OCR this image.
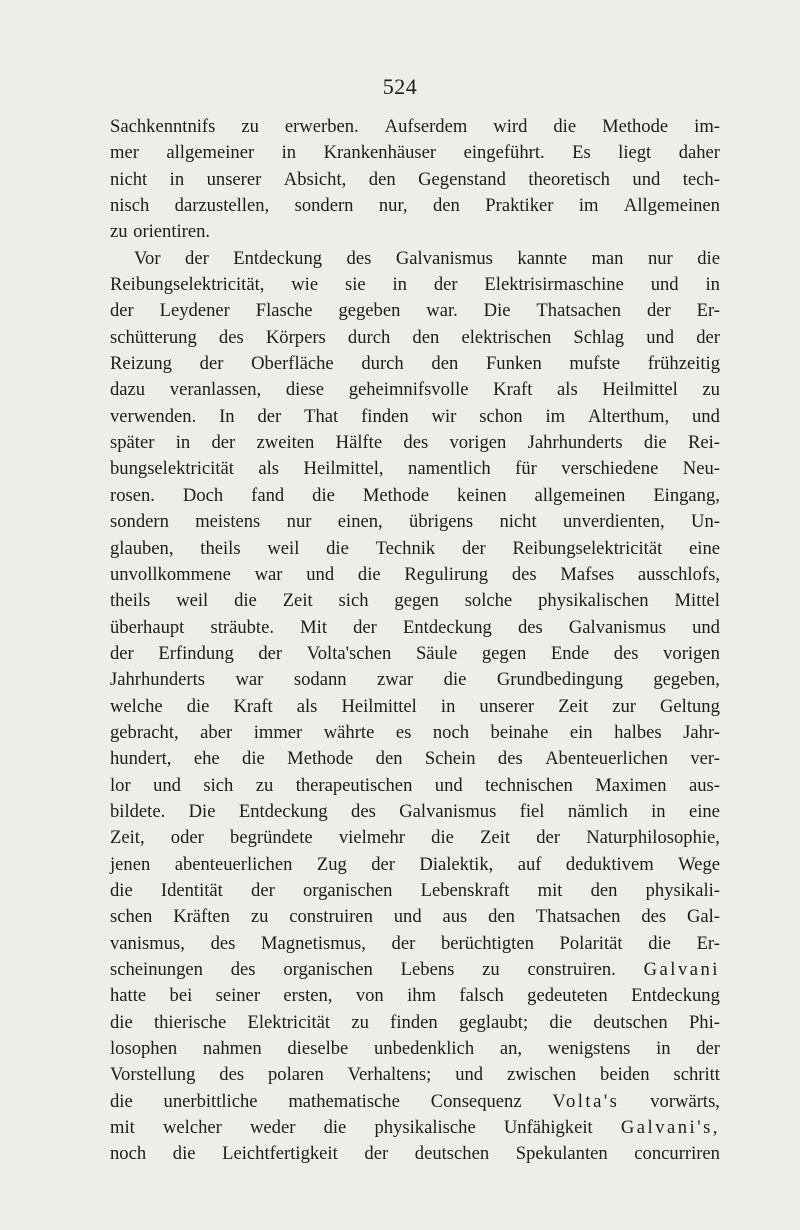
524
Sachkenntnifs zu erwerben. Aufserdem wird die Methode im-
mer allgemeiner in Krankenhäuser eingeführt. Es liegt daher
nicht in unserer Absicht, den Gegenstand theoretisch und tech-
nisch darzustellen, sondern nur, den Praktiker im Allgemeinen
zu orientiren.
Vor der Entdeckung des Galvanismus kannte man nur die
Reibungselektricität, wie sie in der Elektrisirmaschine und in
der Leydener Flasche gegeben war. Die Thatsachen der Er-
schütterung des Körpers durch den elektrischen Schlag und der
Reizung der Oberfläche durch den Funken mufste frühzeitig
dazu veranlassen, diese geheimnifsvolle Kraft als Heilmittel zu
verwenden. In der That finden wir schon im Alterthum, und
später in der zweiten Hälfte des vorigen Jahrhunderts die Rei-
bungselektricität als Heilmittel, namentlich für verschiedene Neu-
rosen. Doch fand die Methode keinen allgemeinen Eingang,
sondern meistens nur einen, übrigens nicht unverdienten, Un-
glauben, theils weil die Technik der Reibungselektricität eine
unvollkommene war und die Regulirung des Mafses ausschlofs,
theils weil die Zeit sich gegen solche physikalischen Mittel
überhaupt sträubte. Mit der Entdeckung des Galvanismus und
der Erfindung der Volta'schen Säule gegen Ende des vorigen
Jahrhunderts war sodann zwar die Grundbedingung gegeben,
welche die Kraft als Heilmittel in unserer Zeit zur Geltung
gebracht, aber immer währte es noch beinahe ein halbes Jahr-
hundert, ehe die Methode den Schein des Abenteuerlichen ver-
lor und sich zu therapeutischen und technischen Maximen aus-
bildete. Die Entdeckung des Galvanismus fiel nämlich in eine
Zeit, oder begründete vielmehr die Zeit der Naturphilosophie,
jenen abenteuerlichen Zug der Dialektik, auf deduktivem Wege
die Identität der organischen Lebenskraft mit den physikali-
schen Kräften zu construiren und aus den Thatsachen des Gal-
vanismus, des Magnetismus, der berüchtigten Polarität die Er-
scheinungen des organischen Lebens zu construiren. Galvani
hatte bei seiner ersten, von ihm falsch gedeuteten Entdeckung
die thierische Elektricität zu finden geglaubt; die deutschen Phi-
losophen nahmen dieselbe unbedenklich an, wenigstens in der
Vorstellung des polaren Verhaltens; und zwischen beiden schritt
die unerbittliche mathematische Consequenz Volta's vorwärts,
mit welcher weder die physikalische Unfähigkeit Galvani's,
noch die Leichtfertigkeit der deutschen Spekulanten concurriren
